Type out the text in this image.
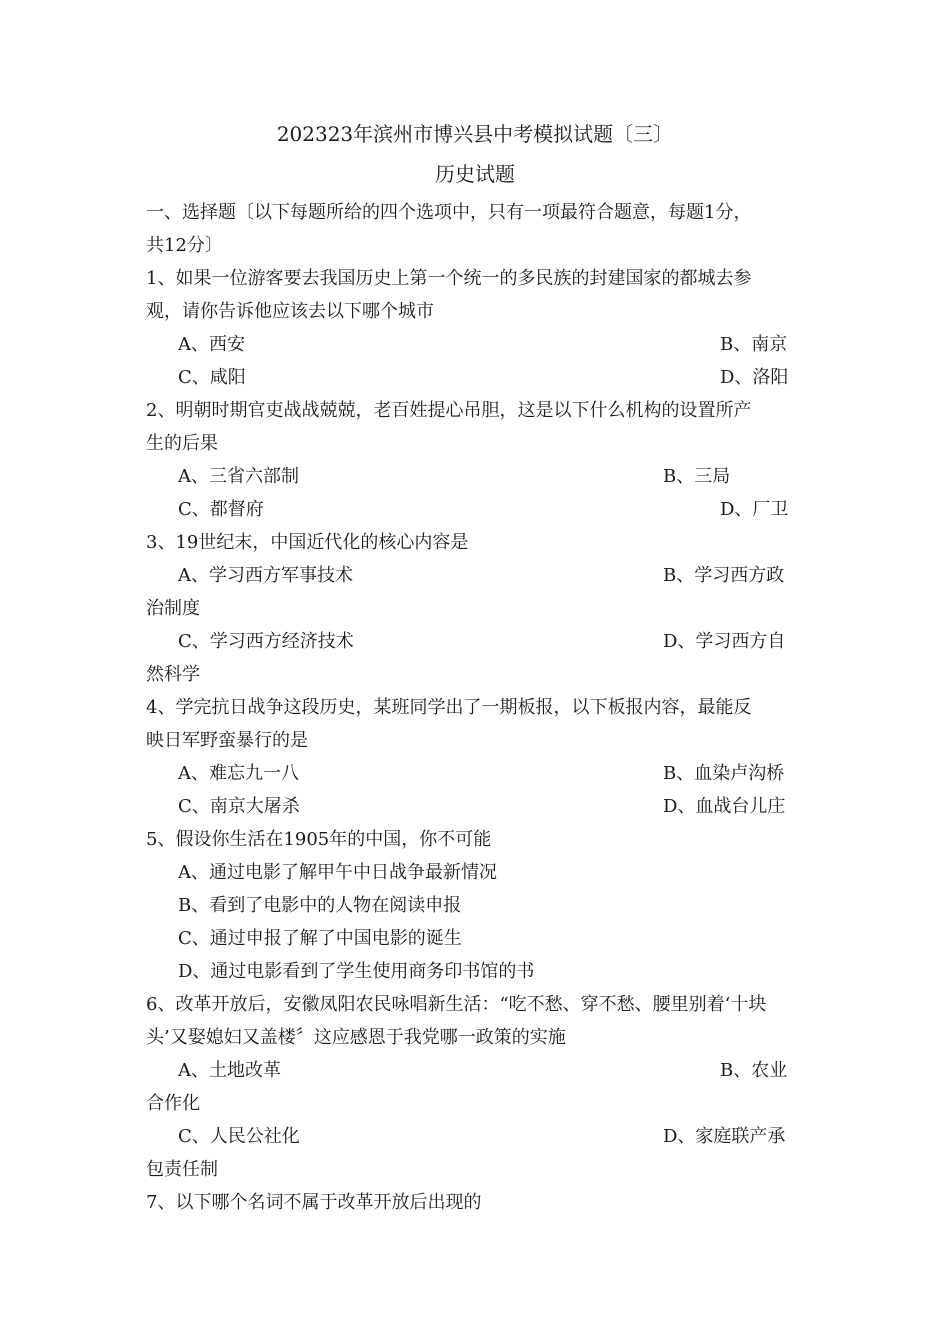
202323年滨州市博兴县中考模拟试题〔三〕
历史试题
一、选择题〔以下每题所给的四个选项中，只有一项最符合题意，每题1分，
共12分〕
1、如果一位游客要去我国历史上第一个统一的多民族的封建国家的都城去参
观，请你告诉他应该去以下哪个城市
A、西安	B、南京
C、咸阳	D、洛阳
2、明朝时期官吏战战兢兢，老百姓提心吊胆，这是以下什么机构的设置所产
生的后果
A、三省六部制	B、三局
C、都督府	D、厂卫
3、19世纪末，中国近代化的核心内容是
A、学习西方军事技术	B、学习西方政
治制度
C、学习西方经济技术	D、学习西方自
然科学
4、学完抗日战争这段历史，某班同学出了一期板报，以下板报内容，最能反
映日军野蛮暴行的是
A、难忘九一八	B、血染卢沟桥
C、南京大屠杀	D、血战台儿庄
5、假设你生活在1905年的中国，你不可能
A、通过电影了解甲午中日战争最新情况
B、看到了电影中的人物在阅读申报
C、通过申报了解了中国电影的诞生
D、通过电影看到了学生使用商务印书馆的书
6、改革开放后，安徽凤阳农民咏唱新生活：“吃不愁、穿不愁、腰里别着‘十块
头’又娶媳妇又盖楼〞这应感恩于我党哪一政策的实施
A、土地改革	B、农业
合作化
C、人民公社化	D、家庭联产承
包责任制
7、以下哪个名词不属于改革开放后出现的
